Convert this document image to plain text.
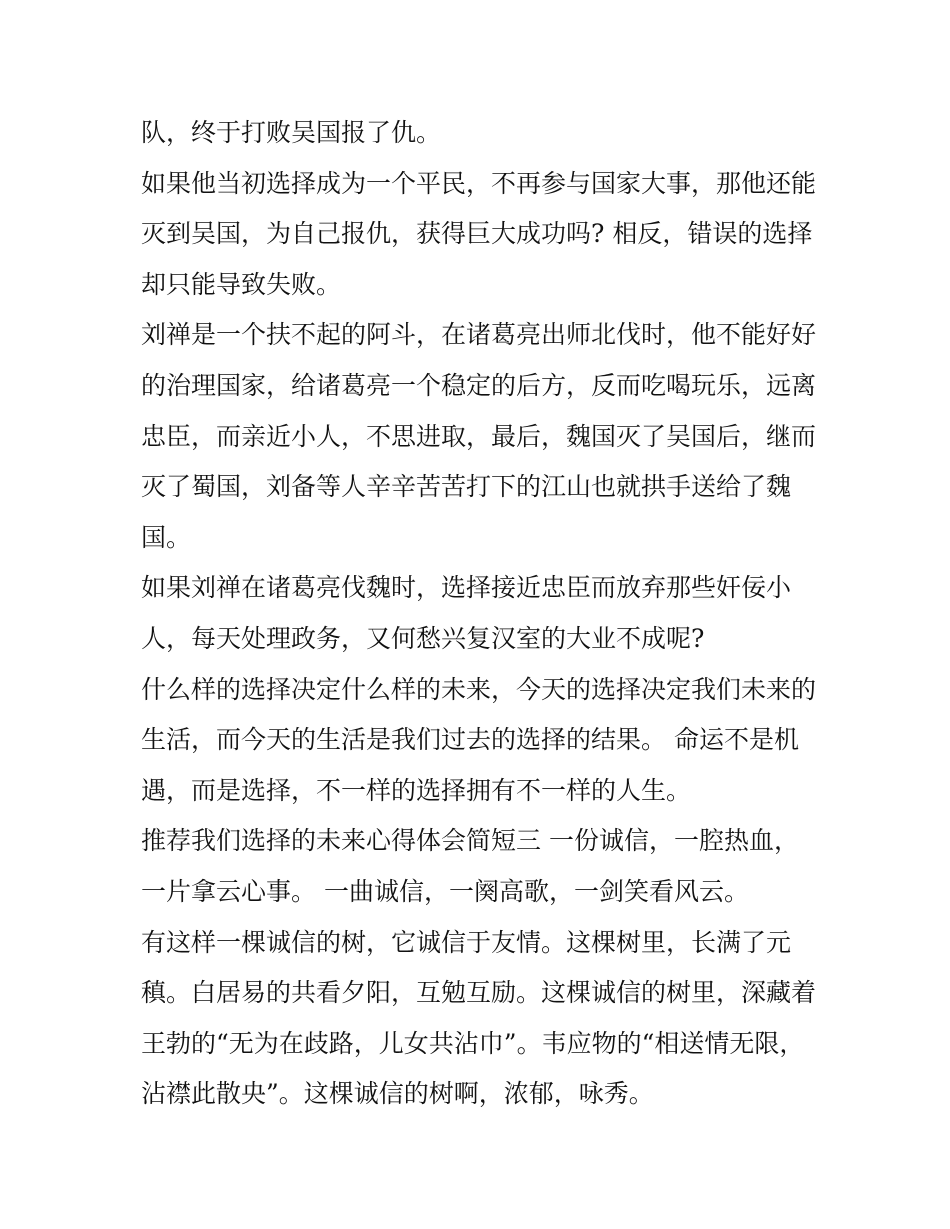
队，终于打败吴国报了仇。

如果他当初选择成为一个平民，不再参与国家大事，那他还能

灭到吴国，为自己报仇，获得巨大成功吗? 相反，错误的选择

却只能导致失败。

刘禅是一个扶不起的阿斗，在诸葛亮出师北伐时，他不能好好

的治理国家，给诸葛亮一个稳定的后方，反而吃喝玩乐，远离

忠臣，而亲近小人，不思进取，最后，魏国灭了吴国后，继而

灭了蜀国，刘备等人辛辛苦苦打下的江山也就拱手送给了魏

国。

如果刘禅在诸葛亮伐魏时，选择接近忠臣而放弃那些奸佞小

人，每天处理政务，又何愁兴复汉室的大业不成呢?

什么样的选择决定什么样的未来，今天的选择决定我们未来的

生活，而今天的生活是我们过去的选择的结果。 命运不是机

遇，而是选择，不一样的选择拥有不一样的人生。

推荐我们选择的未来心得体会简短三 一份诚信，一腔热血，

一片拿云心事。 一曲诚信，一阕高歌，一剑笑看风云。

有这样一棵诚信的树，它诚信于友情。这棵树里，长满了元

稹。白居易的共看夕阳，互勉互励。这棵诚信的树里，深藏着

王勃的“无为在歧路，儿女共沾巾”。韦应物的“相送情无限，

沾襟此散央”。这棵诚信的树啊，浓郁，咏秀。
